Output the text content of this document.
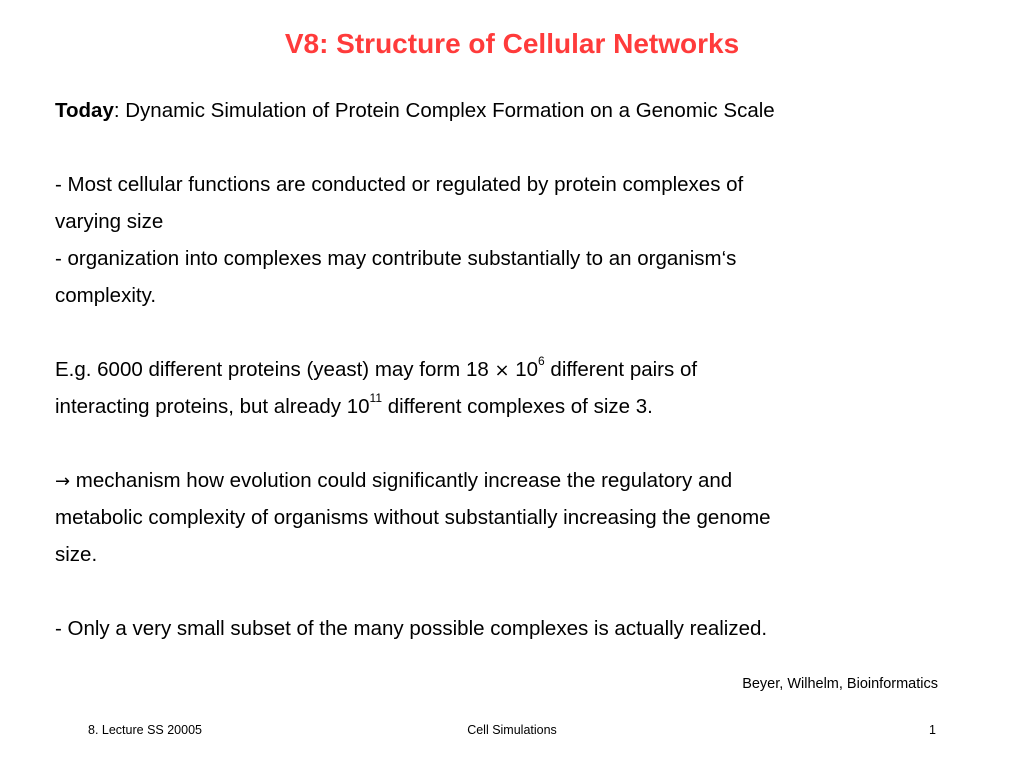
V8: Structure of Cellular Networks
Today: Dynamic Simulation of Protein Complex Formation on a Genomic Scale
- Most cellular functions are conducted or regulated by protein complexes of
varying size
- organization into complexes may contribute substantially to an organism‘s
complexity.
E.g. 6000 different proteins (yeast) may form $18 \times 10^6$ different pairs of
interacting proteins, but already $10^{11}$ different complexes of size 3.
→ mechanism how evolution could significantly increase the regulatory and
metabolic complexity of organisms without substantially increasing the genome
size.
- Only a very small subset of the many possible complexes is actually realized.
Beyer, Wilhelm, Bioinformatics
8. Lecture SS 20005	Cell Simulations	1
